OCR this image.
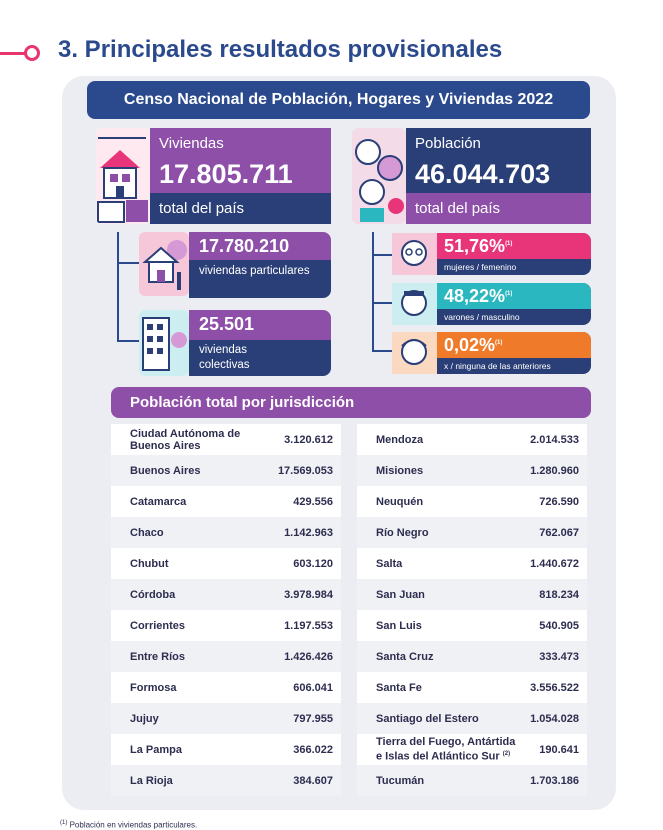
3. Principales resultados provisionales
Censo Nacional de Población, Hogares y Viviendas 2022
Viviendas
17.805.711
total del país
17.780.210
viviendas particulares
25.501
viviendas colectivas
Población
46.044.703
total del país
51,76%$^{(1)}$
mujeres / femenino
48,22%$^{(1)}$
varones / masculino
0,02%$^{(1)}$
x / ninguna de las anteriores
Población total por jurisdicción
Ciudad Autónoma de Buenos Aires	3.120.612
Buenos Aires	17.569.053
Catamarca	429.556
Chaco	1.142.963
Chubut	603.120
Córdoba	3.978.984
Corrientes	1.197.553
Entre Ríos	1.426.426
Formosa	606.041
Jujuy	797.955
La Pampa	366.022
La Rioja	384.607
Mendoza	2.014.533
Misiones	1.280.960
Neuquén	726.590
Río Negro	762.067
Salta	1.440.672
San Juan	818.234
San Luis	540.905
Santa Cruz	333.473
Santa Fe	3.556.522
Santiago del Estero	1.054.028
Tierra del Fuego, Antártida e Islas del Atlántico Sur $^{(2)}$	190.641
Tucumán	1.703.186
$^{(1)}$ Población en viviendas particulares.
